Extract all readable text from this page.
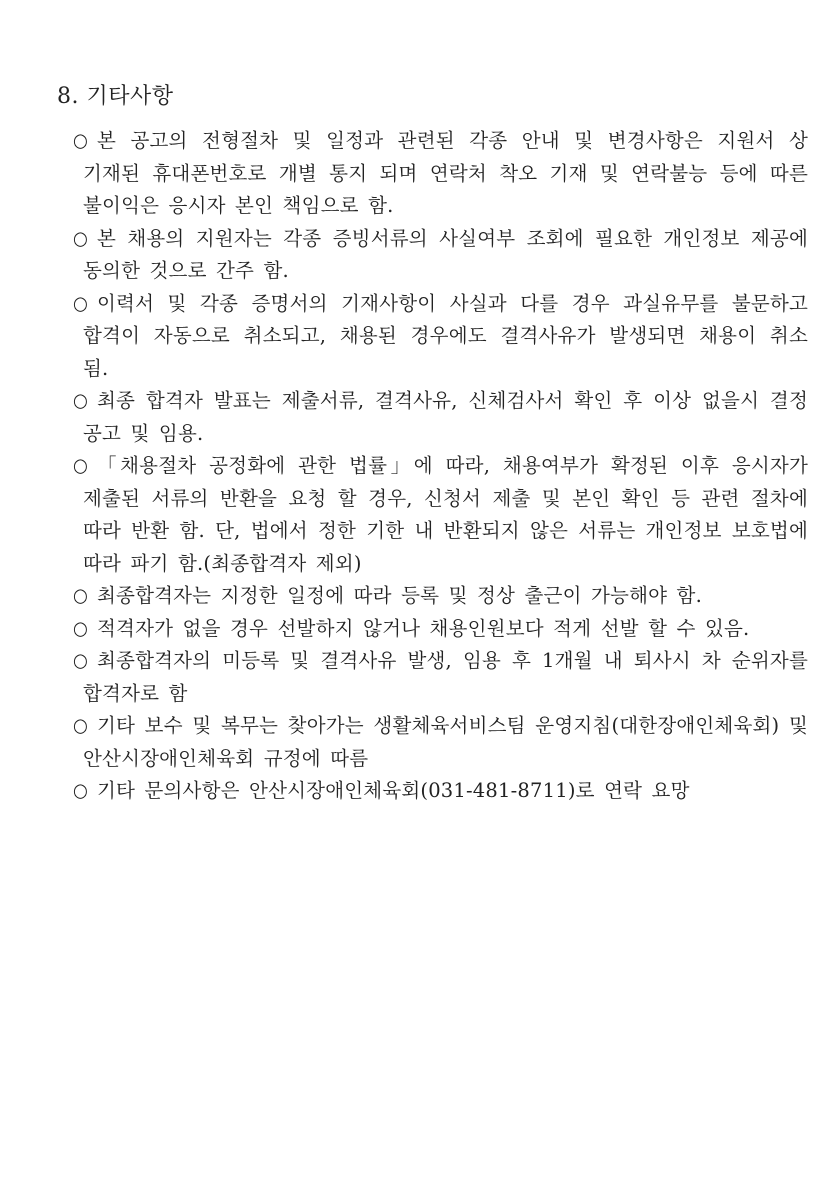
8. 기타사항
○ 본 공고의 전형절차 및 일정과 관련된 각종 안내 및 변경사항은 지원서 상 기재된 휴대폰번호로 개별 통지 되며 연락처 착오 기재 및 연락불능 등에 따른 불이익은 응시자 본인 책임으로 함.
○ 본 채용의 지원자는 각종 증빙서류의 사실여부 조회에 필요한 개인정보 제공에 동의한 것으로 간주 함.
○ 이력서 및 각종 증명서의 기재사항이 사실과 다를 경우 과실유무를 불문하고 합격이 자동으로 취소되고, 채용된 경우에도 결격사유가 발생되면 채용이 취소 됨.
○ 최종 합격자 발표는 제출서류, 결격사유, 신체검사서 확인 후 이상 없을시 결정 공고 및 임용.
○ 「채용절차 공정화에 관한 법률」에 따라, 채용여부가 확정된 이후 응시자가 제출된 서류의 반환을 요청 할 경우, 신청서 제출 및 본인 확인 등 관련 절차에 따라 반환 함. 단, 법에서 정한 기한 내 반환되지 않은 서류는 개인정보 보호법에 따라 파기 함.(최종합격자 제외)
○ 최종합격자는 지정한 일정에 따라 등록 및 정상 출근이 가능해야 함.
○ 적격자가 없을 경우 선발하지 않거나 채용인원보다 적게 선발 할 수 있음.
○ 최종합격자의 미등록 및 결격사유 발생, 임용 후 1개월 내 퇴사시 차 순위자를 합격자로 함
○ 기타 보수 및 복무는 찾아가는 생활체육서비스팀 운영지침(대한장애인체육회) 및 안산시장애인체육회 규정에 따름
○ 기타 문의사항은 안산시장애인체육회(031-481-8711)로 연락 요망
